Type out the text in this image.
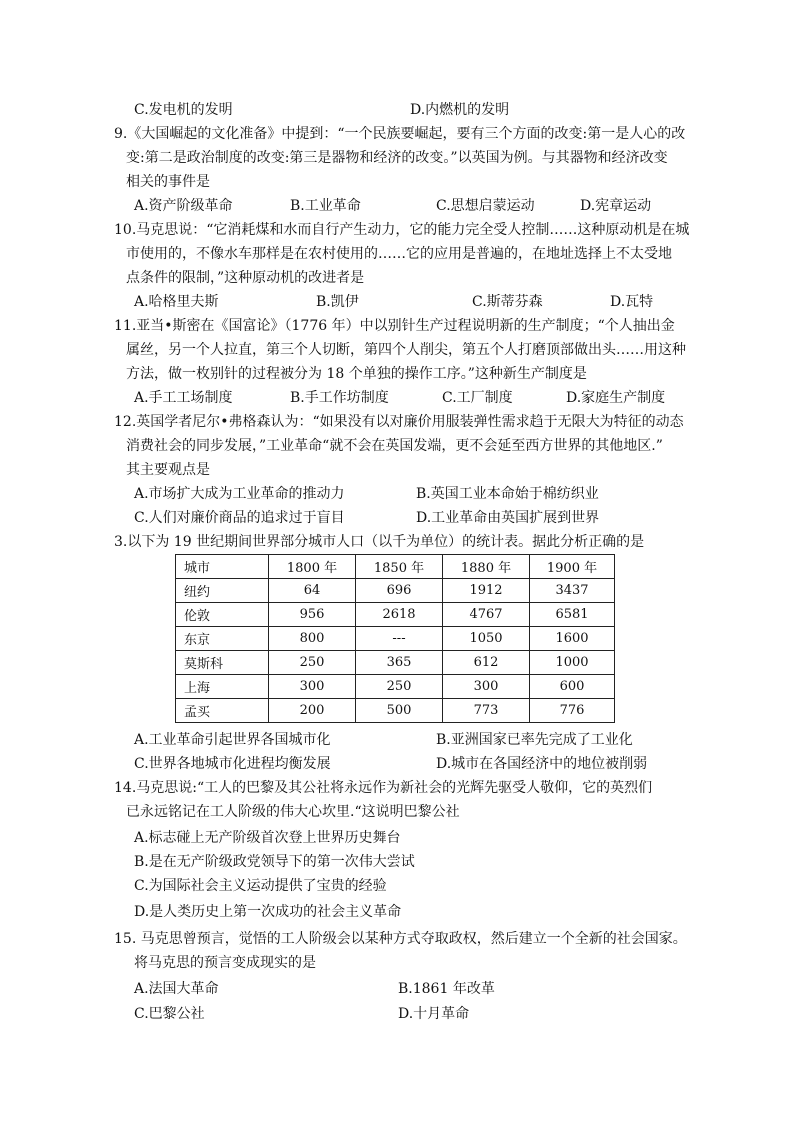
C.发电机的发明	D.内燃机的发明
9.《大国崛起的文化准备》中提到：“一个民族要崛起，要有三个方面的改变:第一是人心的改
变:第二是政治制度的改变:第三是器物和经济的改变。”以英国为例。与其器物和经济改变
相关的事件是
A.资产阶级革命	B.工业革命	C.思想启蒙运动	D.宪章运动
10.马克思说：“它消耗煤和水而自行产生动力，它的能力完全受人控制……这种原动机是在城
市使用的，不像水车那样是在农村使用的……它的应用是普遍的，在地址选择上不太受地
点条件的限制，”这种原动机的改进者是
A.哈格里夫斯	B.凯伊	C.斯蒂芬森	D.瓦特
11.亚当•斯密在《国富论》（1776 年）中以别针生产过程说明新的生产制度；“个人抽出金
属丝，另一个人拉直，第三个人切断，第四个人削尖，第五个人打磨顶部做出头……用这种
方法，做一枚别针的过程被分为 18 个单独的操作工序。”这种新生产制度是
A.手工工场制度	B.手工作坊制度	C.工厂制度	D.家庭生产制度
12.英国学者尼尔•弗格森认为：“如果没有以对廉价用服装弹性需求趋于无限大为特征的动态
消费社会的同步发展，”工业革命“就不会在英国发端，更不会延至西方世界的其他地区.”
其主要观点是
A.市场扩大成为工业革命的推动力	B.英国工业本命始于棉纺织业
C.人们对廉价商品的追求过于盲目	D.工业革命由英国扩展到世界
3.以下为 19 世纪期间世界部分城市人口（以千为单位）的统计表。据此分析正确的是
城市	1800 年	1850 年	1880 年	1900 年
纽约	64	696	1912	3437
伦敦	956	2618	4767	6581
东京	800	---	1050	1600
莫斯科	250	365	612	1000
上海	300	250	300	600
孟买	200	500	773	776
A.工业革命引起世界各国城市化	B.亚洲国家已率先完成了工业化
C.世界各地城市化进程均衡发展	D.城市在各国经济中的地位被削弱
14.马克思说:“工人的巴黎及其公社将永远作为新社会的光辉先驱受人敬仰，它的英烈们
已永远铭记在工人阶级的伟大心坎里.“这说明巴黎公社
A.标志碰上无产阶级首次登上世界历史舞台
B.是在无产阶级政党领导下的第一次伟大尝试
C.为国际社会主义运动提供了宝贵的经验
D.是人类历史上第一次成功的社会主义革命
15. 马克思曾预言，觉悟的工人阶级会以某种方式夺取政权，然后建立一个全新的社会国家。
将马克思的预言变成现实的是
A.法国大革命	B.1861 年改革
C.巴黎公社	D.十月革命
